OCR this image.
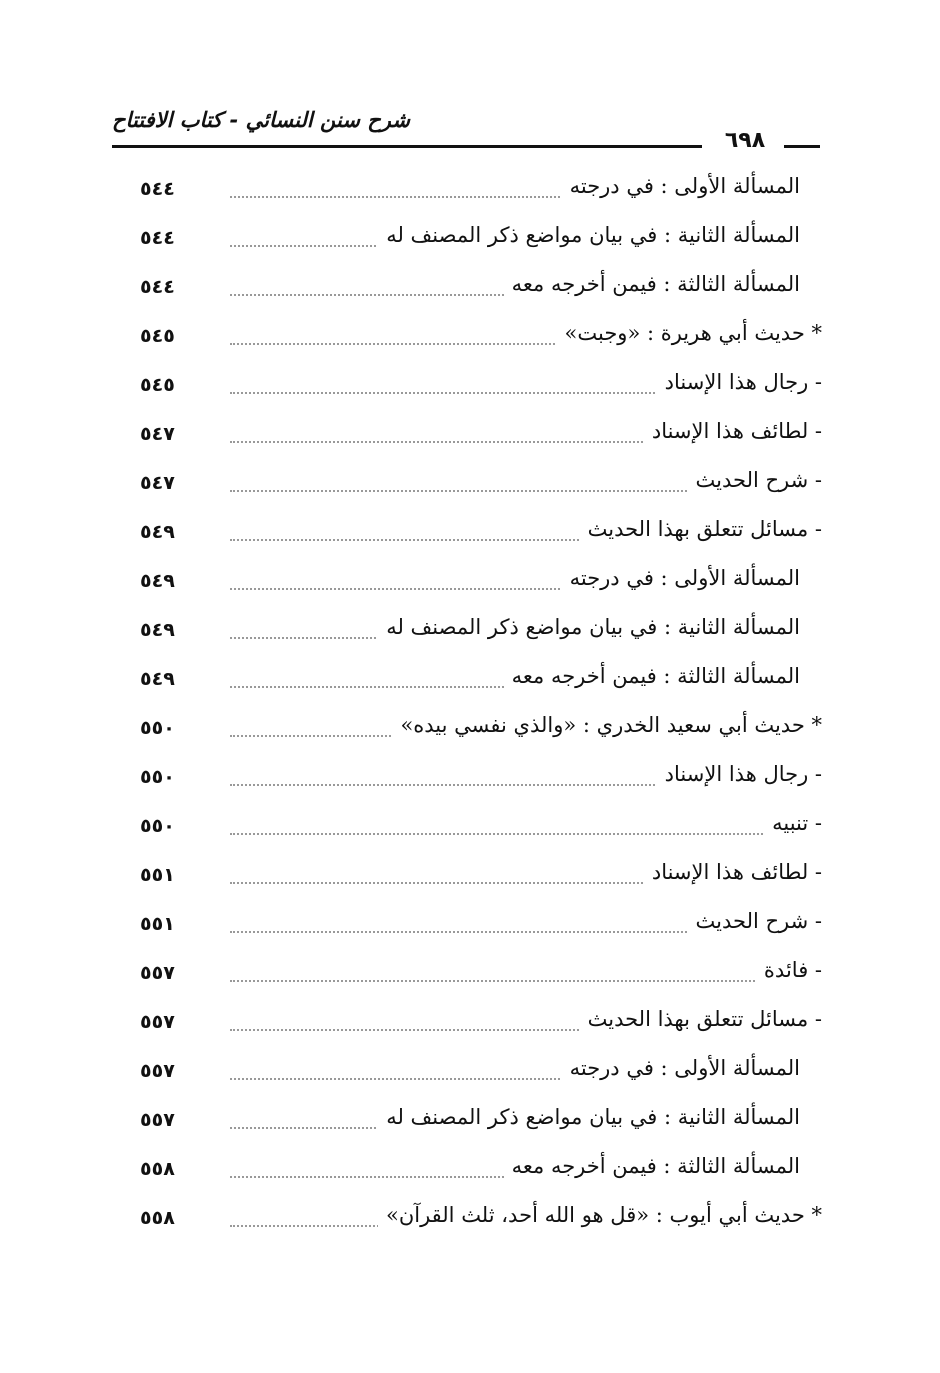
شرح سنن النسائي - كتاب الافتتاح
٦٩٨
٥٤٤	المسألة الأولى : في درجته
٥٤٤	المسألة الثانية : في بيان مواضع ذكر المصنف له
٥٤٤	المسألة الثالثة : فيمن أخرجه معه
٥٤٥	* حديث أبي هريرة : «وجبت»
٥٤٥	- رجال هذا الإسناد
٥٤٧	- لطائف هذا الإسناد
٥٤٧	- شرح الحديث
٥٤٩	- مسائل تتعلق بهذا الحديث
٥٤٩	المسألة الأولى : في درجته
٥٤٩	المسألة الثانية : في بيان مواضع ذكر المصنف له
٥٤٩	المسألة الثالثة : فيمن أخرجه معه
٥٥٠	* حديث أبي سعيد الخدري : «والذي نفسي بيده»
٥٥٠	- رجال هذا الإسناد
٥٥٠	- تنبيه
٥٥١	- لطائف هذا الإسناد
٥٥١	- شرح الحديث
٥٥٧	- فائدة
٥٥٧	- مسائل تتعلق بهذا الحديث
٥٥٧	المسألة الأولى : في درجته
٥٥٧	المسألة الثانية : في بيان مواضع ذكر المصنف له
٥٥٨	المسألة الثالثة : فيمن أخرجه معه
٥٥٨	* حديث أبي أيوب : «قل هو الله أحد، ثلث القرآن»
